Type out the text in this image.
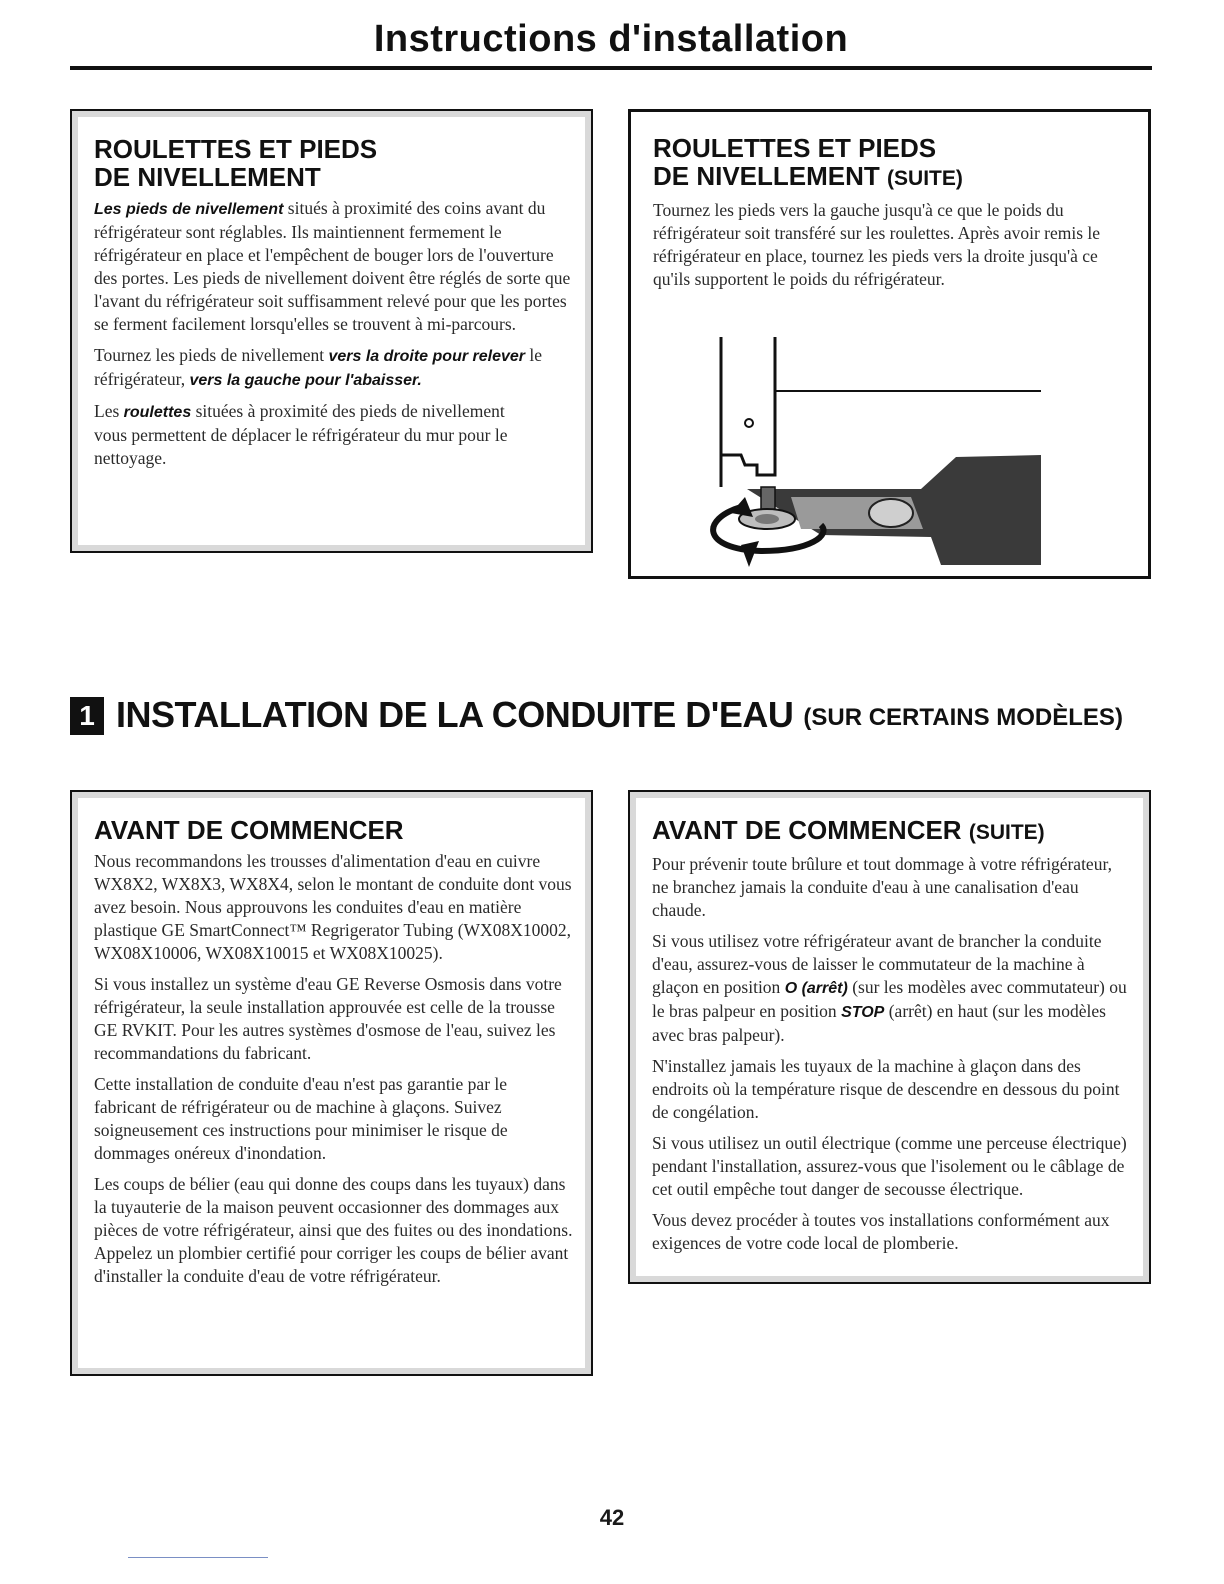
Instructions d'installation
ROULETTES ET PIEDS
DE NIVELLEMENT

Les pieds de nivellement situés à proximité des coins avant du réfrigérateur sont réglables. Ils maintiennent fermement le réfrigérateur en place et l'empêchent de bouger lors de l'ouverture des portes. Les pieds de nivellement doivent être réglés de sorte que l'avant du réfrigérateur soit suffisamment relevé pour que les portes se ferment facilement lorsqu'elles se trouvent à mi-parcours.

Tournez les pieds de nivellement vers la droite pour relever le réfrigérateur, vers la gauche pour l'abaisser.

Les roulettes situées à proximité des pieds de nivellement vous permettent de déplacer le réfrigérateur du mur pour le nettoyage.

ROULETTES ET PIEDS
DE NIVELLEMENT (SUITE)

Tournez les pieds vers la gauche jusqu'à ce que le poids du réfrigérateur soit transféré sur les roulettes. Après avoir remis le réfrigérateur en place, tournez les pieds vers la droite jusqu'à ce qu'ils supportent le poids du réfrigérateur.

1 INSTALLATION DE LA CONDUITE D'EAU (SUR CERTAINS MODÈLES)
AVANT DE COMMENCER

Nous recommandons les trousses d'alimentation d'eau en cuivre WX8X2, WX8X3, WX8X4, selon le montant de conduite dont vous avez besoin. Nous approuvons les conduites d'eau en matière plastique GE SmartConnect™ Regrigerator Tubing (WX08X10002, WX08X10006, WX08X10015 et WX08X10025).

Si vous installez un système d'eau GE Reverse Osmosis dans votre réfrigérateur, la seule installation approuvée est celle de la trousse GE RVKIT. Pour les autres systèmes d'osmose de l'eau, suivez les recommandations du fabricant.

Cette installation de conduite d'eau n'est pas garantie par le fabricant de réfrigérateur ou de machine à glaçons. Suivez soigneusement ces instructions pour minimiser le risque de dommages onéreux d'inondation.

Les coups de bélier (eau qui donne des coups dans les tuyaux) dans la tuyauterie de la maison peuvent occasionner des dommages aux pièces de votre réfrigérateur, ainsi que des fuites ou des inondations. Appelez un plombier certifié pour corriger les coups de bélier avant d'installer la conduite d'eau de votre réfrigérateur.

AVANT DE COMMENCER (SUITE)

Pour prévenir toute brûlure et tout dommage à votre réfrigérateur, ne branchez jamais la conduite d'eau à une canalisation d'eau chaude.

Si vous utilisez votre réfrigérateur avant de brancher la conduite d'eau, assurez-vous de laisser le commutateur de la machine à glaçon en position O (arrêt) (sur les modèles avec commutateur) ou le bras palpeur en position STOP (arrêt) en haut (sur les modèles avec bras palpeur).

N'installez jamais les tuyaux de la machine à glaçon dans des endroits où la température risque de descendre en dessous du point de congélation.

Si vous utilisez un outil électrique (comme une perceuse électrique) pendant l'installation, assurez-vous que l'isolement ou le câblage de cet outil empêche tout danger de secousse électrique.

Vous devez procéder à toutes vos installations conformément aux exigences de votre code local de plomberie.

42
